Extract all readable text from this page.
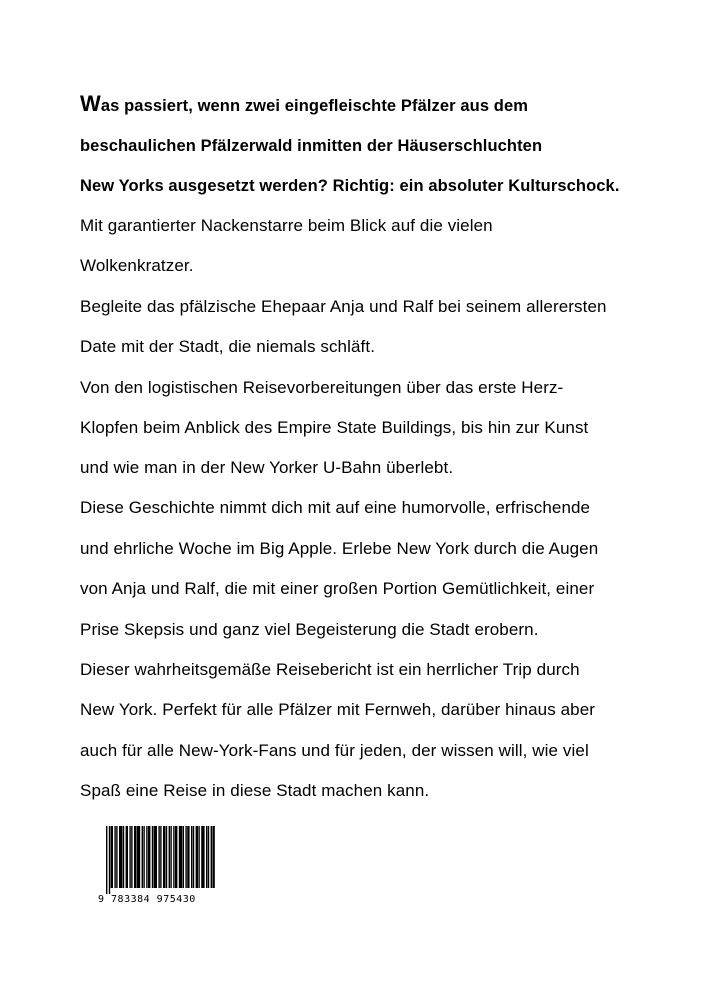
Was passiert, wenn zwei eingefleischte Pfälzer aus dem
beschaulichen Pfälzerwald inmitten der Häuserschluchten
New Yorks ausgesetzt werden? Richtig: ein absoluter Kulturschock.
Mit garantierter Nackenstarre beim Blick auf die vielen
Wolkenkratzer.
Begleite das pfälzische Ehepaar Anja und Ralf bei seinem allerersten
Date mit der Stadt, die niemals schläft.
Von den logistischen Reisevorbereitungen über das erste Herz-
Klopfen beim Anblick des Empire State Buildings, bis hin zur Kunst
und wie man in der New Yorker U-Bahn überlebt.
Diese Geschichte nimmt dich mit auf eine humorvolle, erfrischende
und ehrliche Woche im Big Apple. Erlebe New York durch die Augen
von Anja und Ralf, die mit einer großen Portion Gemütlichkeit, einer
Prise Skepsis und ganz viel Begeisterung die Stadt erobern.
Dieser wahrheitsgemäße Reisebericht ist ein herrlicher Trip durch
New York. Perfekt für alle Pfälzer mit Fernweh, darüber hinaus aber
auch für alle New-York-Fans und für jeden, der wissen will, wie viel
Spaß eine Reise in diese Stadt machen kann.
9 783384 975430
